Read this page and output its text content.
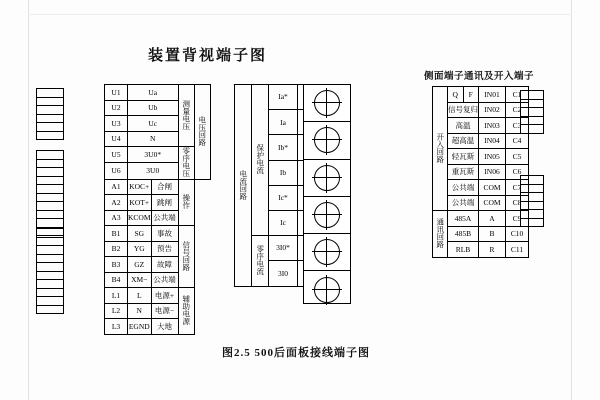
装置背视端子图
侧面端子通讯及开入端子
图2.5 500后面板接线端子图

U1	Ua		测量电压	电压回路
U2	Ub			
U3	Uc			
U4	N			
U5	3U0*		零序电压	
U6	3U0			
A1	KOC+	合闸	操作	
A2	KOT+	跳闸		
A3	KCOM	公共端		
B1	SG	事故	信号回路	
B2	YG	预告		
B3	GZ	故障		
B4	XM−	公共端		
L1	L	电源+	辅助电源	
L2	N	电源−		
L3	EGND	大地		
电流回路	保护电流	Ia*	
		Ia	
		Ib*	
		Ib	
		Ic*	
		Ic	
	零序电流	3I0*	
		3I0	
开入回路	Q	F	IN01	C1
	信号复归		IN02	C2
	高温		IN03	C3
	超高温		IN04	C4
	轻瓦斯		IN05	C5
	重瓦斯		IN06	C6
	公共端		COM	C7
	公共端		COM	C8
通讯回路	485A		A	C9
	485B		B	C10
	RLB		R	C11
